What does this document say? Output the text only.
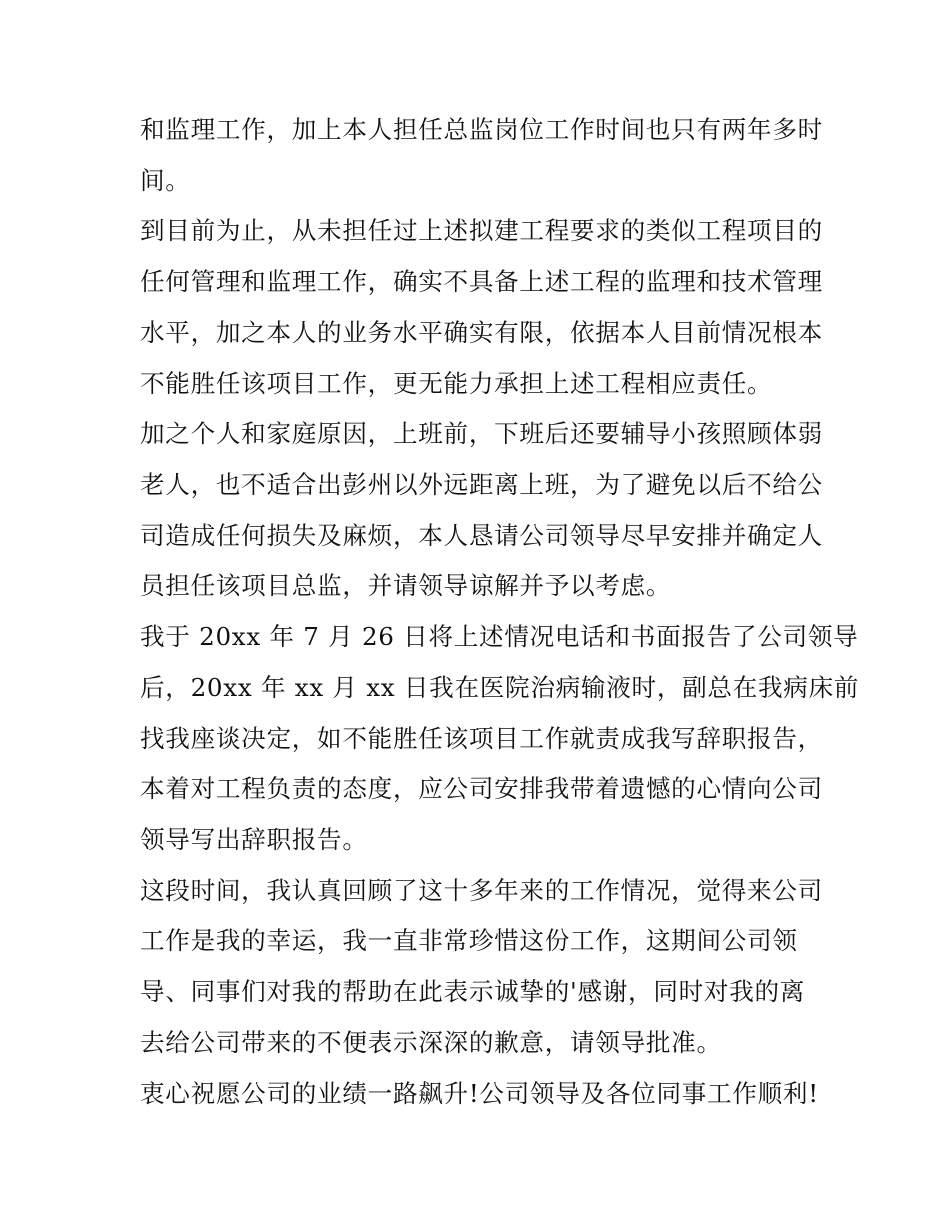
和监理工作，加上本人担任总监岗位工作时间也只有两年多时
间。
到目前为止，从未担任过上述拟建工程要求的类似工程项目的
任何管理和监理工作，确实不具备上述工程的监理和技术管理
水平，加之本人的业务水平确实有限，依据本人目前情况根本
不能胜任该项目工作，更无能力承担上述工程相应责任。
加之个人和家庭原因，上班前，下班后还要辅导小孩照顾体弱
老人，也不适合出彭州以外远距离上班，为了避免以后不给公
司造成任何损失及麻烦，本人恳请公司领导尽早安排并确定人
员担任该项目总监，并请领导谅解并予以考虑。
我于 20xx 年 7 月 26 日将上述情况电话和书面报告了公司领导
后，20xx 年 xx 月 xx 日我在医院治病输液时，副总在我病床前
找我座谈决定，如不能胜任该项目工作就责成我写辞职报告，
本着对工程负责的态度，应公司安排我带着遗憾的心情向公司
领导写出辞职报告。
这段时间，我认真回顾了这十多年来的工作情况，觉得来公司
工作是我的幸运，我一直非常珍惜这份工作，这期间公司领
导、同事们对我的帮助在此表示诚挚的'感谢，同时对我的离
去给公司带来的不便表示深深的歉意，请领导批准。
衷心祝愿公司的业绩一路飙升!公司领导及各位同事工作顺利!
